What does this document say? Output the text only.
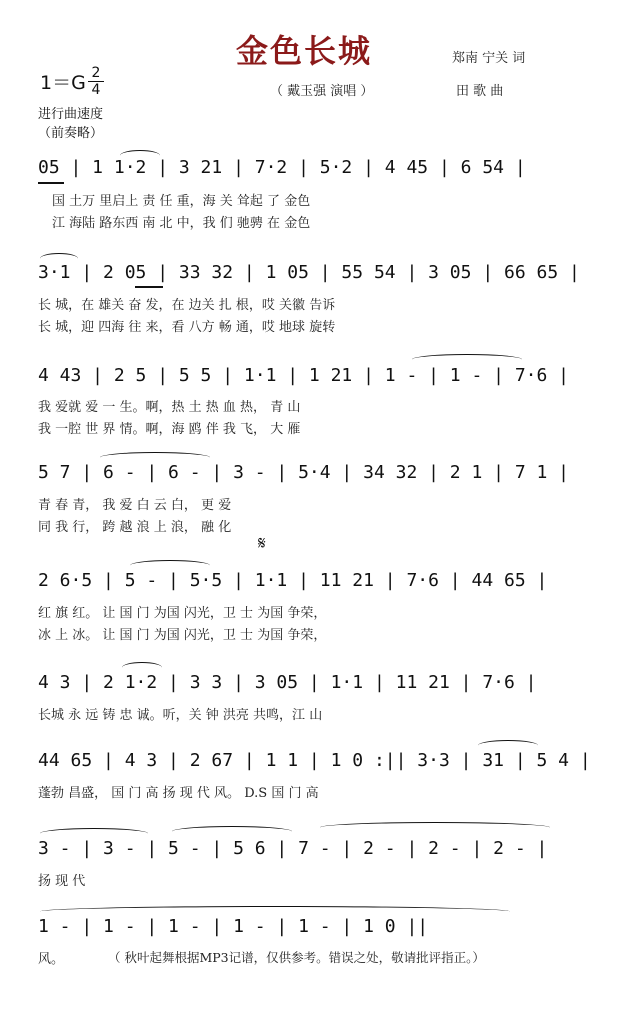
金色长城	郑南 宁关 词
（ 戴玉强 演唱 ）	田 歌 曲
1＝G 2
4
进行曲速度
（前奏略）
05 | 1 1·2 | 3 21 | 7·2 | 5·2 | 4 45 | 6 54 |
国 土万 里启上 责 任 重，海 关 耸起 了 金色
江 海陆 路东西 南 北 中，我 们 驰骋 在 金色
3·1 | 2 05 | 33 32 | 1 05 | 55 54 | 3 05 | 66 65 |
长 城，在 雄关 奋 发，在 边关 扎 根，哎 关徽 告诉
长 城，迎 四海 往 来，看 八方 畅 通，哎 地球 旋转
4 43 | 2 5 | 5 5 | 1·1 | 1 21 | 1 - | 1 - | 7·6 |
我 爱就 爱 一 生。啊，热 土 热 血 热， 青 山
我 一腔 世 界 情。啊，海 鸥 伴 我 飞， 大 雁
5 7 | 6 - | 6 - | 3 - | 5·4 | 34 32 | 2 1 | 7 1 |
青 春 青， 我 爱 白 云 白， 更 爱
同 我 行， 跨 越 浪 上 浪， 融 化
𝄋
2 6·5 | 5 - | 5·5 | 1·1 | 11 21 | 7·6 | 44 65 |
红 旗 红。 让 国 门 为国 闪光，卫 士 为国 争荣，
冰 上 冰。 让 国 门 为国 闪光，卫 士 为国 争荣，
4 3 | 2 1·2 | 3 3 | 3 05 | 1·1 | 11 21 | 7·6 |
长城 永 远 铸 忠 诚。听，关 钟 洪亮 共鸣，江 山
44 65 | 4 3 | 2 67 | 1 1 | 1 0 :|| 3·3 | 31 | 5 4 |
蓬勃 昌盛， 国 门 高 扬 现 代 风。 D.S 国 门 高
3 - | 3 - | 5 - | 5 6 | 7 - | 2 - | 2 - | 2 - |
扬 现 代
1 - | 1 - | 1 - | 1 - | 1 - | 1 0 ||
风。	（ 秋叶起舞根据MP3记谱，仅供参考。错误之处，敬请批评指正。）
